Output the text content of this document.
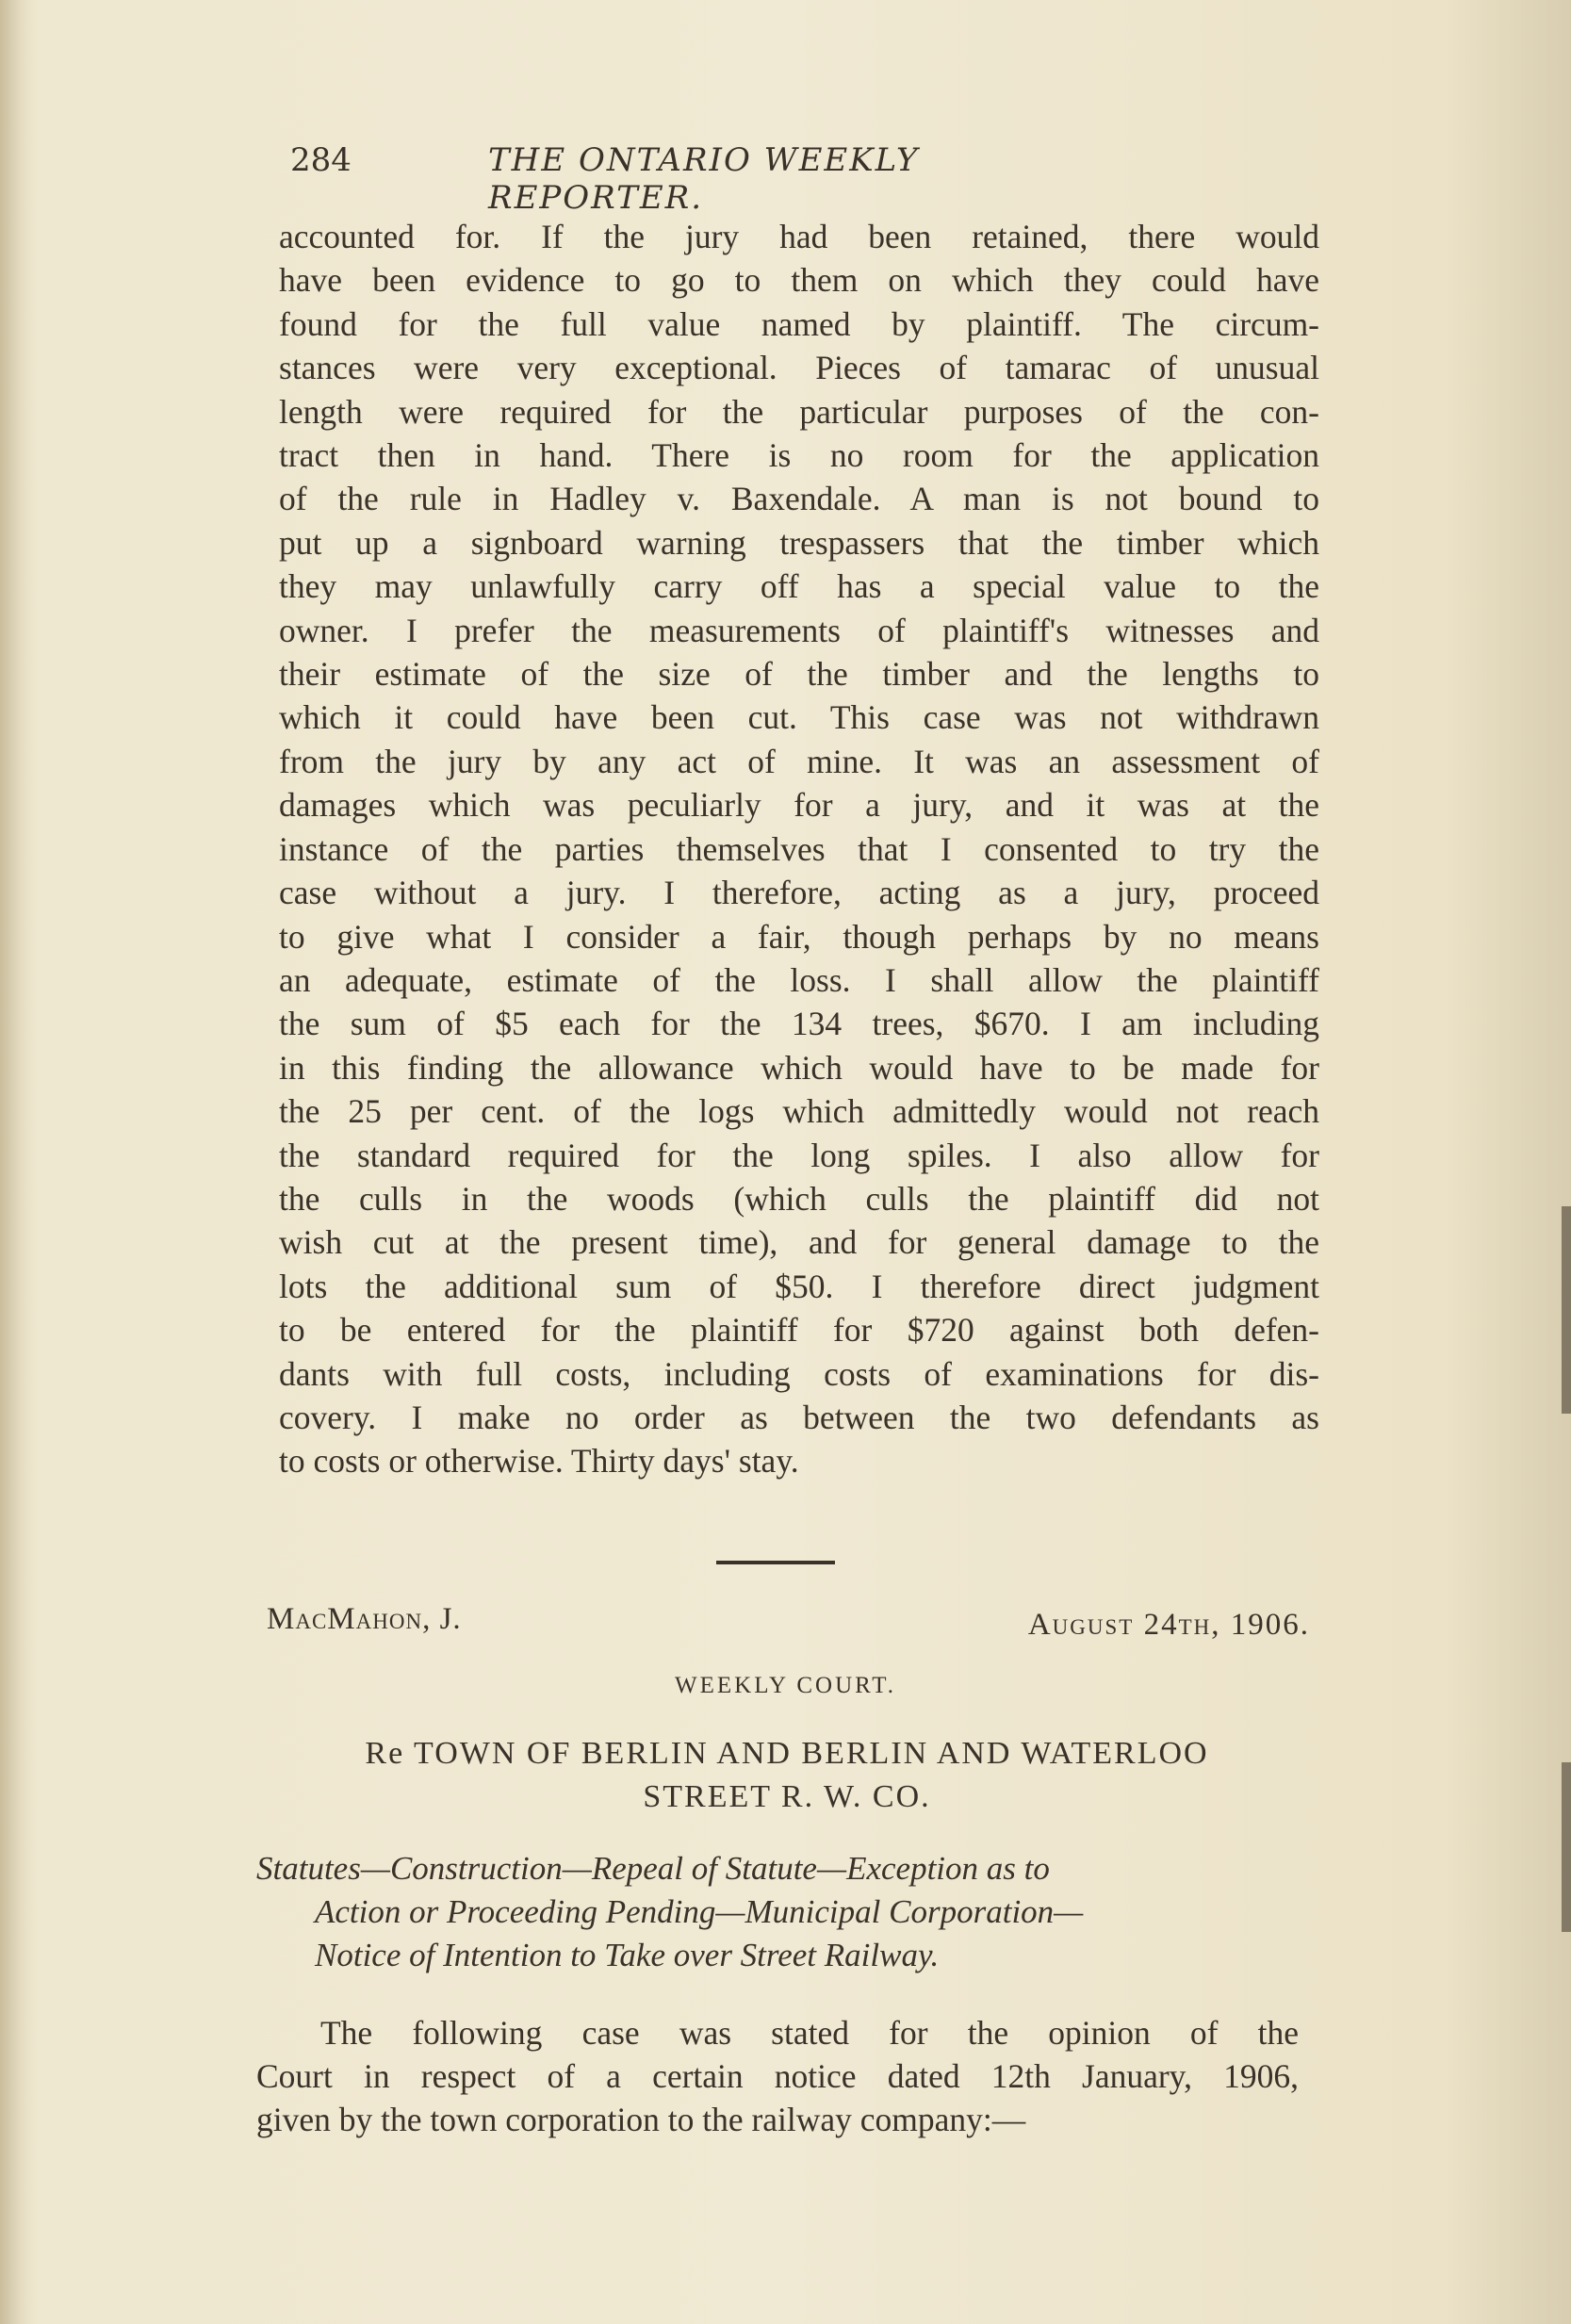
284	THE ONTARIO WEEKLY REPORTER.
accounted for. If the jury had been retained, there would
have been evidence to go to them on which they could have
found for the full value named by plaintiff. The circum-
stances were very exceptional. Pieces of tamarac of unusual
length were required for the particular purposes of the con-
tract then in hand. There is no room for the application
of the rule in Hadley v. Baxendale. A man is not bound to
put up a signboard warning trespassers that the timber which
they may unlawfully carry off has a special value to the
owner. I prefer the measurements of plaintiff's witnesses and
their estimate of the size of the timber and the lengths to
which it could have been cut. This case was not withdrawn
from the jury by any act of mine. It was an assessment of
damages which was peculiarly for a jury, and it was at the
instance of the parties themselves that I consented to try the
case without a jury. I therefore, acting as a jury, proceed
to give what I consider a fair, though perhaps by no means
an adequate, estimate of the loss. I shall allow the plaintiff
the sum of $5 each for the 134 trees, $670. I am including
in this finding the allowance which would have to be made for
the 25 per cent. of the logs which admittedly would not reach
the standard required for the long spiles. I also allow for
the culls in the woods (which culls the plaintiff did not
wish cut at the present time), and for general damage to the
lots the additional sum of $50. I therefore direct judgment
to be entered for the plaintiff for $720 against both defen-
dants with full costs, including costs of examinations for dis-
covery. I make no order as between the two defendants as
to costs or otherwise. Thirty days' stay.
MacMahon, J.	August 24th, 1906.
WEEKLY COURT.
Re TOWN OF BERLIN AND BERLIN AND WATERLOO
STREET R. W. CO.
Statutes—Construction—Repeal of Statute—Exception as to
Action or Proceeding Pending—Municipal Corporation—
Notice of Intention to Take over Street Railway.
The following case was stated for the opinion of the
Court in respect of a certain notice dated 12th January, 1906,
given by the town corporation to the railway company:—
